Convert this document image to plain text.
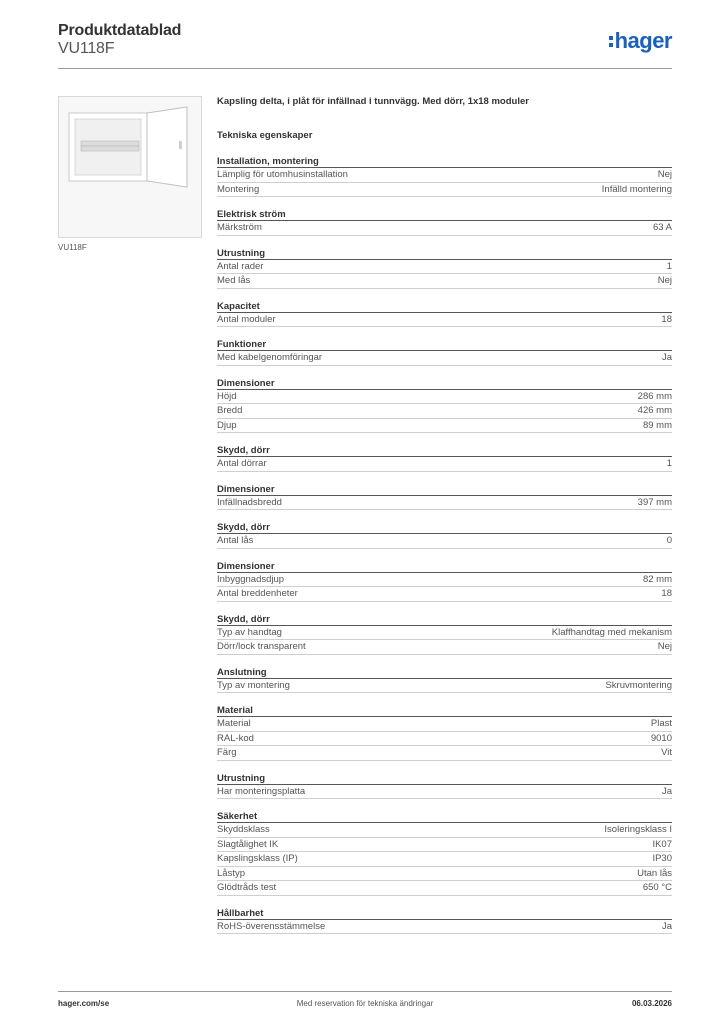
Produktdatablad
VU118F	hager
VU118F
Kapsling delta, i plåt för infällnad i tunnvägg. Med dörr, 1x18 moduler
Tekniska egenskaper
Installation, montering
Lämplig för utomhusinstallation	Nej
Montering	Infälld montering
Elektrisk ström
Märkström	63 A
Utrustning
Antal rader	1
Med lås	Nej
Kapacitet
Antal moduler	18
Funktioner
Med kabelgenomföringar	Ja
Dimensioner
Höjd	286 mm
Bredd	426 mm
Djup	89 mm
Skydd, dörr
Antal dörrar	1
Dimensioner
Infällnadsbredd	397 mm
Skydd, dörr
Antal lås	0
Dimensioner
Inbyggnadsdjup	82 mm
Antal breddenheter	18
Skydd, dörr
Typ av handtag	Klaffhandtag med mekanism
Dörr/lock transparent	Nej
Anslutning
Typ av montering	Skruvmontering
Material
Material	Plast
RAL-kod	9010
Färg	Vit
Utrustning
Har monteringsplatta	Ja
Säkerhet
Skyddsklass	Isoleringsklass I
Slagtålighet IK	IK07
Kapslingsklass (IP)	IP30
Låstyp	Utan lås
Glödtråds test	650 °C
Hållbarhet
RoHS-överensstämmelse	Ja
hager.com/se	Med reservation för tekniska ändringar	06.03.2026
